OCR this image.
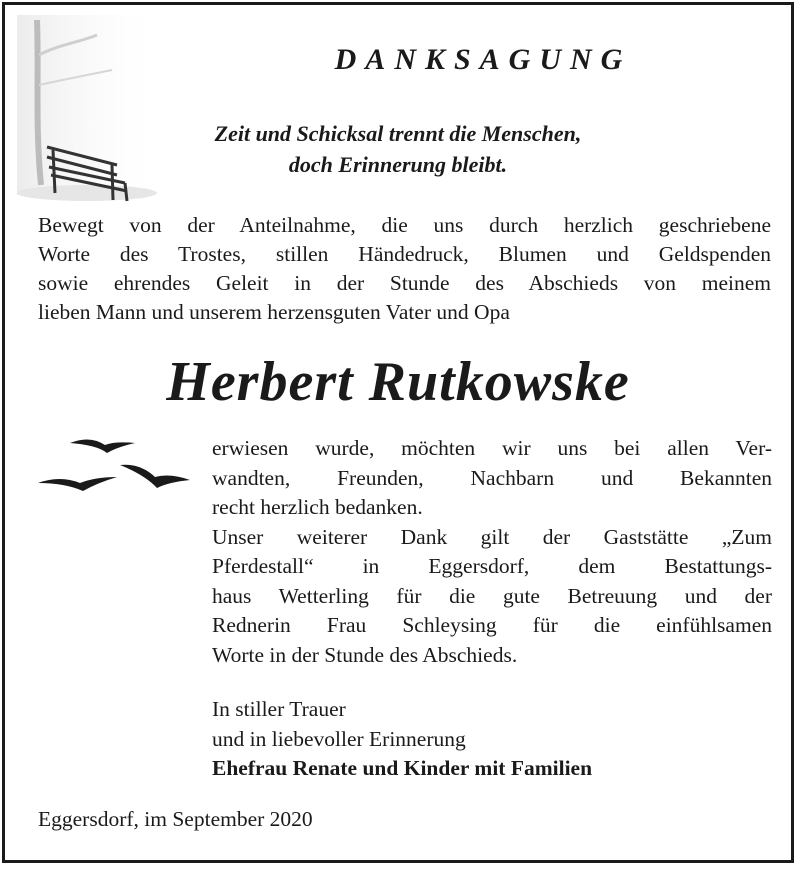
DANKSAGUNG
Zeit und Schicksal trennt die Menschen,
doch Erinnerung bleibt.
Bewegt von der Anteilnahme, die uns durch herzlich geschriebene
Worte des Trostes, stillen Händedruck, Blumen und Geldspenden
sowie ehrendes Geleit in der Stunde des Abschieds von meinem
lieben Mann und unserem herzensguten Vater und Opa
Herbert Rutkowske
erwiesen wurde, möchten wir uns bei allen Ver-
wandten, Freunden, Nachbarn und Bekannten
recht herzlich bedanken.
Unser weiterer Dank gilt der Gaststätte „Zum
Pferdestall“ in Eggersdorf, dem Bestattungs-
haus Wetterling für die gute Betreuung und der
Rednerin Frau Schleysing für die einfühlsamen
Worte in der Stunde des Abschieds.
In stiller Trauer
und in liebevoller Erinnerung
Ehefrau Renate und Kinder mit Familien
Eggersdorf, im September 2020
